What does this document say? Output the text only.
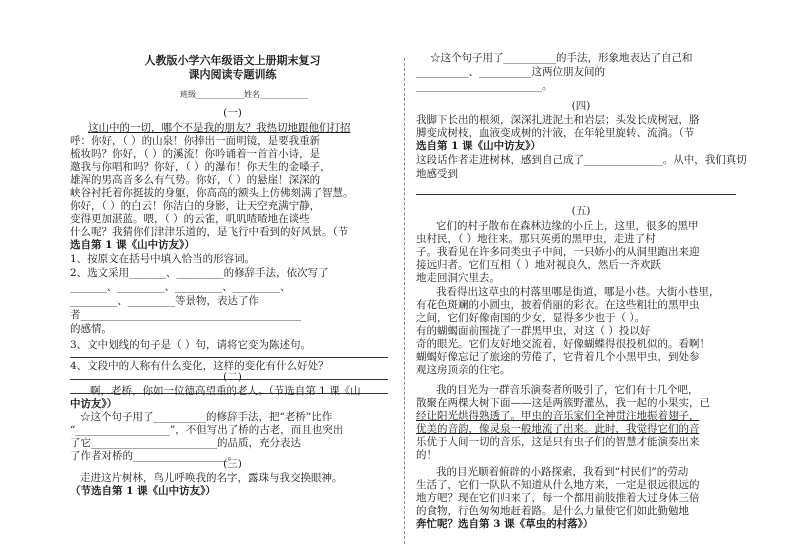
人教版小学六年级语文上册期末复习
课内阅读专题训练
班级____________姓名____________
(一)
这山中的一切，哪个不是我的朋友？我热切地跟他们打招
呼：你好，（ ）的山泉！你捧出一面明镜，是要我重新
梳妆吗？你好，（ ）的溪流！你吟诵着一首首小诗，是
邀我与你唱和吗？你好，（ ）的瀑布！你天生的金嗓子，
雄浑的男高音多么有气势。你好，（ ）的悬崖！深深的
峡谷衬托着你挺拔的身躯，你高高的额头上仿佛刻满了智慧。
你好，（ ）的白云！你洁白的身影，让天空充满宁静，
变得更加湛蓝。喂，（ ）的云雀，叽叽喳喳地在谈些
什么呢？我猜你们津津乐道的，是飞行中看到的好风景。（节
选自第 1 课《山中访友》）
1、按原文在括号中填入恰当的形容词。
2、选文采用_______、_________的修辞手法，依次写了
_______、_________、_________、_________、
_________、_________等景物，表达了作
者__________________________________________
的感情。
3、文中划线的句子是（ ）句，请将它变为陈述句。
4、文段中的人称有什么变化，这样的变化有什么好处？
(二)
啊，老桥，你如一位德高望重的老人。（节选自第 1 课《山
中访友》）
☆这个句子用了__________的修辞手法，把“老桥”比作
“__________________”，不但写出了桥的古老，而且也突出
了它________________________的品质，充分表达
了作者对桥的__________________。
(三)
走进这片树林，鸟儿呼唤我的名字，露珠与我交换眼神。
（节选自第 1 课《山中访友》）
☆这个句子用了__________的手法，形象地表达了自己和
__________、__________这两位朋友间的
________________________。
(四)
我脚下长出的根须，深深扎进泥土和岩层；头发长成树冠，胳
膊变成树枝，血液变成树的汁液，在年轮里旋转、流淌。（节
选自第 1 课《山中访友》）
这段话作者走进树林，感到自己成了_______________。从中，我们真切
地感受到
(五)
它们的村子散布在森林边缘的小丘上，这里，很多的黑甲
虫村民，（ ）地往来。那只英勇的黑甲虫，走进了村
子。我看见在许多同类虫子中间，一只娇小的从洞里跑出来迎
接远归者。它们互相（ ）地对视良久，然后一齐欢跃
地走回洞穴里去。
我看得出这草虫的村落里哪是街道，哪是小巷。大街小巷里，
有花色斑斓的小圆虫，披着俏丽的彩衣。在这些粗壮的黑甲虫
之间，它们好像南国的少女，显得多少也于（ ）。
有的蝴蝎面前围拢了一群黑甲虫，对这（ ）投以好
奇的眼光。它们友好地交流着，好像蝴蝶得很投机似的。看啊！
蝴蝎好像忘记了旅途的劳倦了，它背着几个小黑甲虫，到处参
观这房顶亲的住宅。
我的目光为一群音乐演奏者所吸引了，它们有十几个吧，
散聚在两棵大树下面——这是两簇野灌丛，我一起的小果实，已
经让阳光烘得熟透了。甲虫的音乐家们全神贯注地振着翅子，
优美的音韵，像灵泉一般地流了出来。此时，我觉得它们的音
乐优于人间一切的音乐，这是只有虫子们的智慧才能演奏出来
的！
我的目光顺着俯辟的小路探索，我看到“村民们”的劳动
生活了，它们一队队不知道从什么地方来，一定是很远很远的
地方吧？现在它们归来了，每一个都用前肢推着大过身体三倍
的食物，行色匆匆地赶着路。是什么力量使它们如此勤勉地
奔忙呢？选自第 3 课《草虫的村落》）
